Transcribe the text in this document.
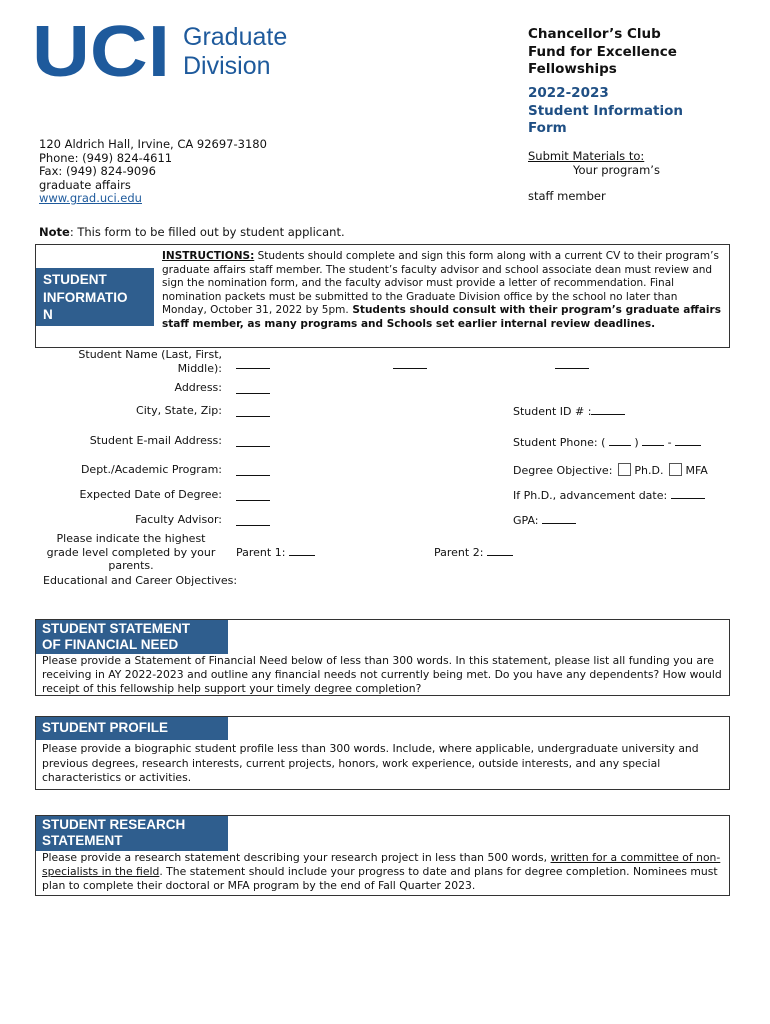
UCI Graduate
Division
Chancellor’s Club
Fund for Excellence
Fellowships
2022-2023
Student Information
Form
120 Aldrich Hall, Irvine, CA 92697-3180
Phone: (949) 824-4611
Fax: (949) 824-9096
graduate affairs
www.grad.uci.edu
Submit Materials to:
Your program’s
staff member
Note: This form to be filled out by student applicant.
STUDENT
INFORMATIO
N
INSTRUCTIONS: Students should complete and sign this form along with a current CV to their program’s graduate affairs staff member. The student’s faculty advisor and school associate dean must review and sign the nomination form, and the faculty advisor must provide a letter of recommendation. Final nomination packets must be submitted to the Graduate Division office by the school no later than Monday, October 31, 2022 by 5pm. Students should consult with their program’s graduate affairs staff member, as many programs and Schools set earlier internal review deadlines.
Student Name (Last, First,
Middle):
Address:
City, State, Zip:	Student ID # :
Student E-mail Address:	Student Phone: (	)	-
Dept./Academic Program:	Degree Objective: Ph.D. MFA
Expected Date of Degree:	If Ph.D., advancement date:
Faculty Advisor:	GPA:
Please indicate the highest
grade level completed by your
parents.
Parent 1:	Parent 2:
Educational and Career Objectives:
STUDENT STATEMENT
OF FINANCIAL NEED
Please provide a Statement of Financial Need below of less than 300 words. In this statement, please list all funding you are receiving in AY 2022-2023 and outline any financial needs not currently being met. Do you have any dependents? How would receipt of this fellowship help support your timely degree completion?
STUDENT PROFILE
Please provide a biographic student profile less than 300 words. Include, where applicable, undergraduate university and previous degrees, research interests, current projects, honors, work experience, outside interests, and any special characteristics or activities.
STUDENT RESEARCH
STATEMENT
Please provide a research statement describing your research project in less than 500 words, written for a committee of non-specialists in the field. The statement should include your progress to date and plans for degree completion. Nominees must plan to complete their doctoral or MFA program by the end of Fall Quarter 2023.
